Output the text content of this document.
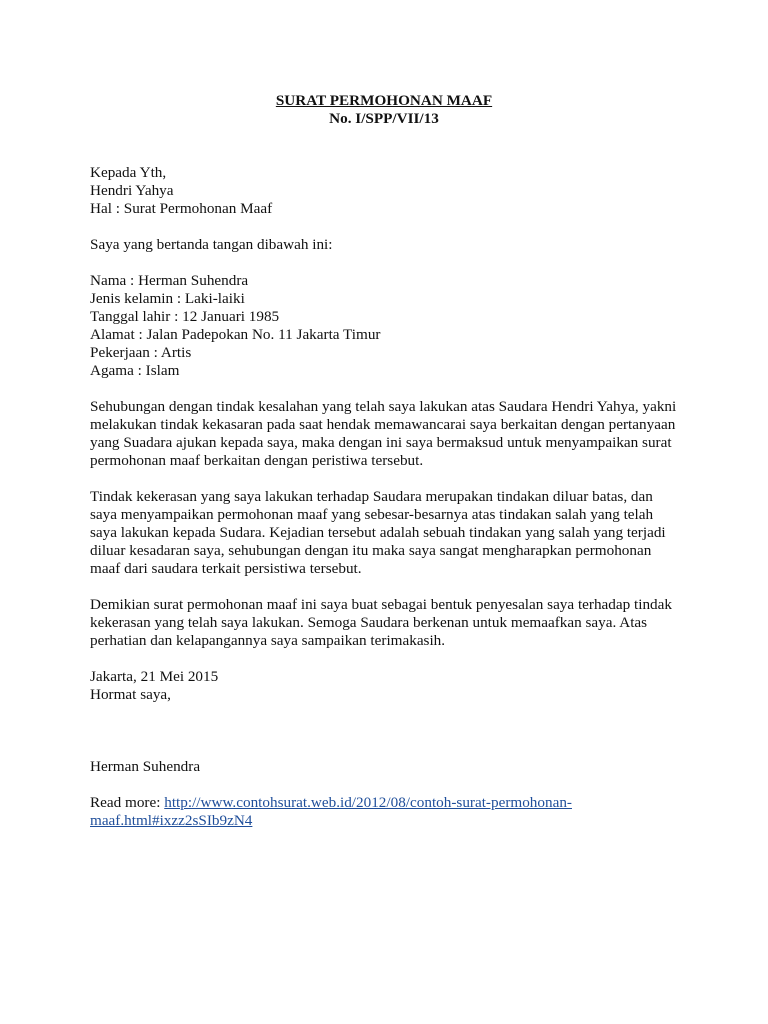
SURAT PERMOHONAN MAAF
No. I/SPP/VII/13
Kepada Yth,
Hendri Yahya
Hal : Surat Permohonan Maaf
Saya yang bertanda tangan dibawah ini:
Nama : Herman Suhendra
Jenis kelamin : Laki-laiki
Tanggal lahir : 12 Januari 1985
Alamat : Jalan Padepokan No. 11 Jakarta Timur
Pekerjaan : Artis
Agama : Islam
Sehubungan dengan tindak kesalahan yang telah saya lakukan atas Saudara Hendri Yahya, yakni
melakukan tindak kekasaran pada saat hendak memawancarai saya berkaitan dengan pertanyaan
yang Suadara ajukan kepada saya, maka dengan ini saya bermaksud untuk menyampaikan surat
permohonan maaf berkaitan dengan peristiwa tersebut.
Tindak kekerasan yang saya lakukan terhadap Saudara merupakan tindakan diluar batas, dan
saya menyampaikan permohonan maaf yang sebesar-besarnya atas tindakan salah yang telah
saya lakukan kepada Sudara. Kejadian tersebut adalah sebuah tindakan yang salah yang terjadi
diluar kesadaran saya, sehubungan dengan itu maka saya sangat mengharapkan permohonan
maaf dari saudara terkait persistiwa tersebut.
Demikian surat permohonan maaf ini saya buat sebagai bentuk penyesalan saya terhadap tindak
kekerasan yang telah saya lakukan. Semoga Saudara berkenan untuk memaafkan saya. Atas
perhatian dan kelapangannya saya sampaikan terimakasih.
Jakarta, 21 Mei 2015
Hormat saya,
Herman Suhendra
Read more: http://www.contohsurat.web.id/2012/08/contoh-surat-permohonan-
maaf.html#ixzz2sSIb9zN4
